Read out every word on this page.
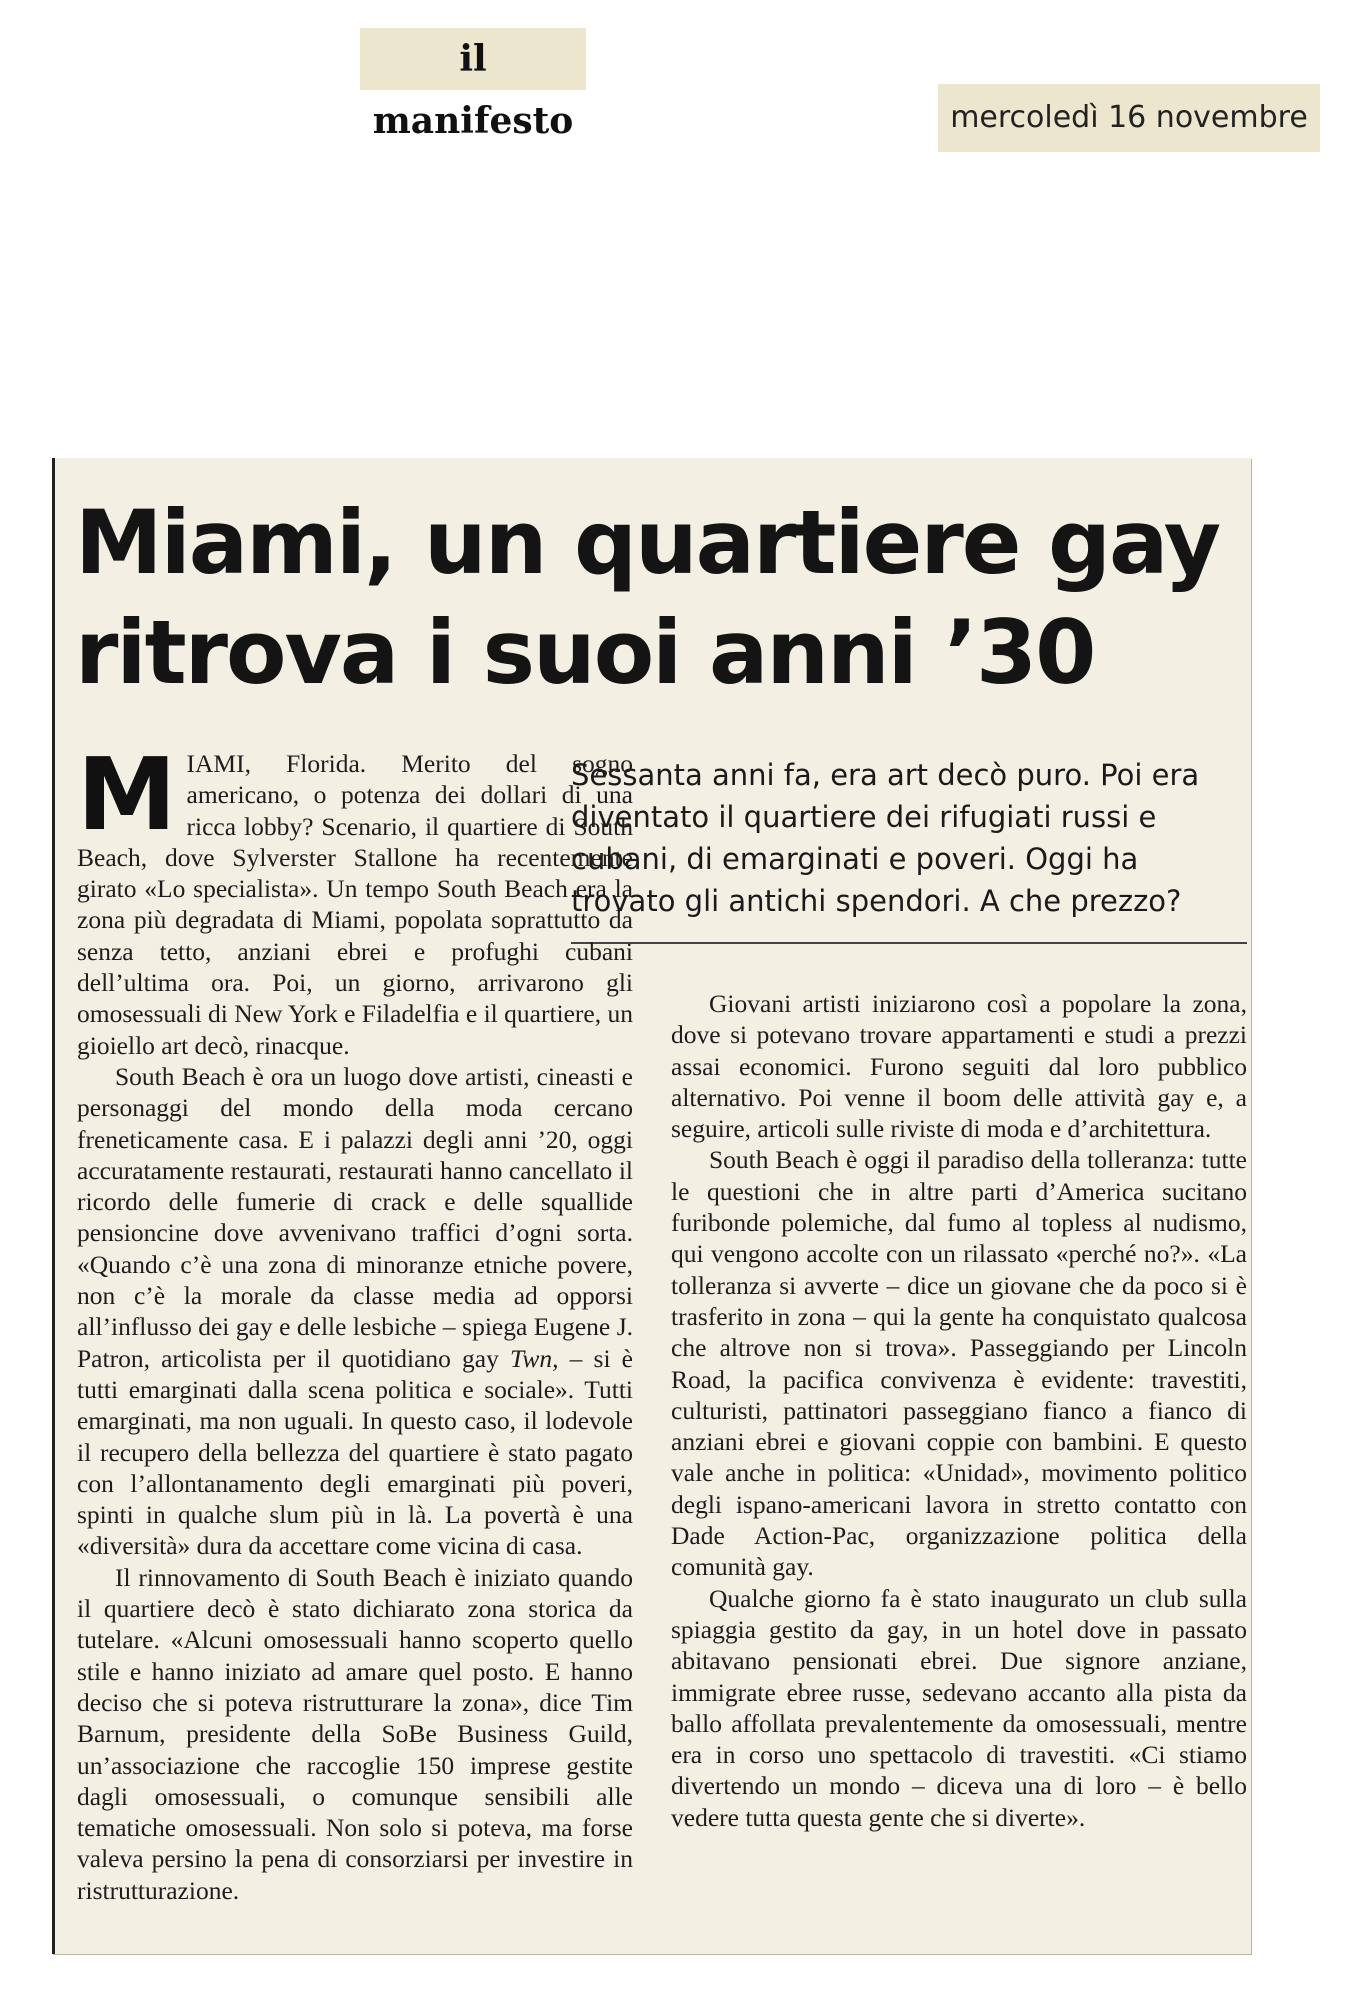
il manifesto	mercoledì 16 novembre
Miami, un quartiere gay
ritrova i suoi anni ’30

Sessanta anni fa, era art decò puro. Poi era diventato il quartiere dei rifugiati russi e cubani, di emarginati e poveri. Oggi ha trovato gli antichi spendori. A che prezzo?

MIAMI, Florida. Merito del sogno americano, o potenza dei dollari di una ricca lobby? Scenario, il quartiere di South Beach, dove Sylverster Stallone ha recentemente girato «Lo specialista». Un tempo South Beach era la zona più degradata di Miami, popolata soprattutto da senza tetto, anziani ebrei e profughi cubani dell’ultima ora. Poi, un giorno, arrivarono gli omosessuali di New York e Filadelfia e il quartiere, un gioiello art decò, rinacque.

South Beach è ora un luogo dove artisti, cineasti e personaggi del mondo della moda cercano freneticamente casa. E i palazzi degli anni ’20, oggi accuratamente restaurati, restaurati hanno cancellato il ricordo delle fumerie di crack e delle squallide pensioncine dove avvenivano traffici d’ogni sorta. «Quando c’è una zona di minoranze etniche povere, non c’è la morale da classe media ad opporsi all’influsso dei gay e delle lesbiche – spiega Eugene J. Patron, articolista per il quotidiano gay Twn, – si è tutti emarginati dalla scena politica e sociale». Tutti emarginati, ma non uguali. In questo caso, il lodevole il recupero della bellezza del quartiere è stato pagato con l’allontanamento degli emarginati più poveri, spinti in qualche slum più in là. La povertà è una «diversità» dura da accettare come vicina di casa.

Il rinnovamento di South Beach è iniziato quando il quartiere decò è stato dichiarato zona storica da tutelare. «Alcuni omosessuali hanno scoperto quello stile e hanno iniziato ad amare quel posto. E hanno deciso che si poteva ristrutturare la zona», dice Tim Barnum, presidente della SoBe Business Guild, un’associazione che raccoglie 150 imprese gestite dagli omosessuali, o comunque sensibili alle tematiche omosessuali. Non solo si poteva, ma forse valeva persino la pena di consorziarsi per investire in ristrutturazione.

Giovani artisti iniziarono così a popolare la zona, dove si potevano trovare appartamenti e studi a prezzi assai economici. Furono seguiti dal loro pubblico alternativo. Poi venne il boom delle attività gay e, a seguire, articoli sulle riviste di moda e d’architettura.

South Beach è oggi il paradiso della tolleranza: tutte le questioni che in altre parti d’America sucitano furibonde polemiche, dal fumo al topless al nudismo, qui vengono accolte con un rilassato «perché no?». «La tolleranza si avverte – dice un giovane che da poco si è trasferito in zona – qui la gente ha conquistato qualcosa che altrove non si trova». Passeggiando per Lincoln Road, la pacifica convivenza è evidente: travestiti, culturisti, pattinatori passeggiano fianco a fianco di anziani ebrei e giovani coppie con bambini. E questo vale anche in politica: «Unidad», movimento politico degli ispano-americani lavora in stretto contatto con Dade Action-Pac, organizzazione politica della comunità gay.

Qualche giorno fa è stato inaugurato un club sulla spiaggia gestito da gay, in un hotel dove in passato abitavano pensionati ebrei. Due signore anziane, immigrate ebree russe, sedevano accanto alla pista da ballo affollata prevalentemente da omosessuali, mentre era in corso uno spettacolo di travestiti. «Ci stiamo divertendo un mondo – diceva una di loro – è bello vedere tutta questa gente che si diverte».
